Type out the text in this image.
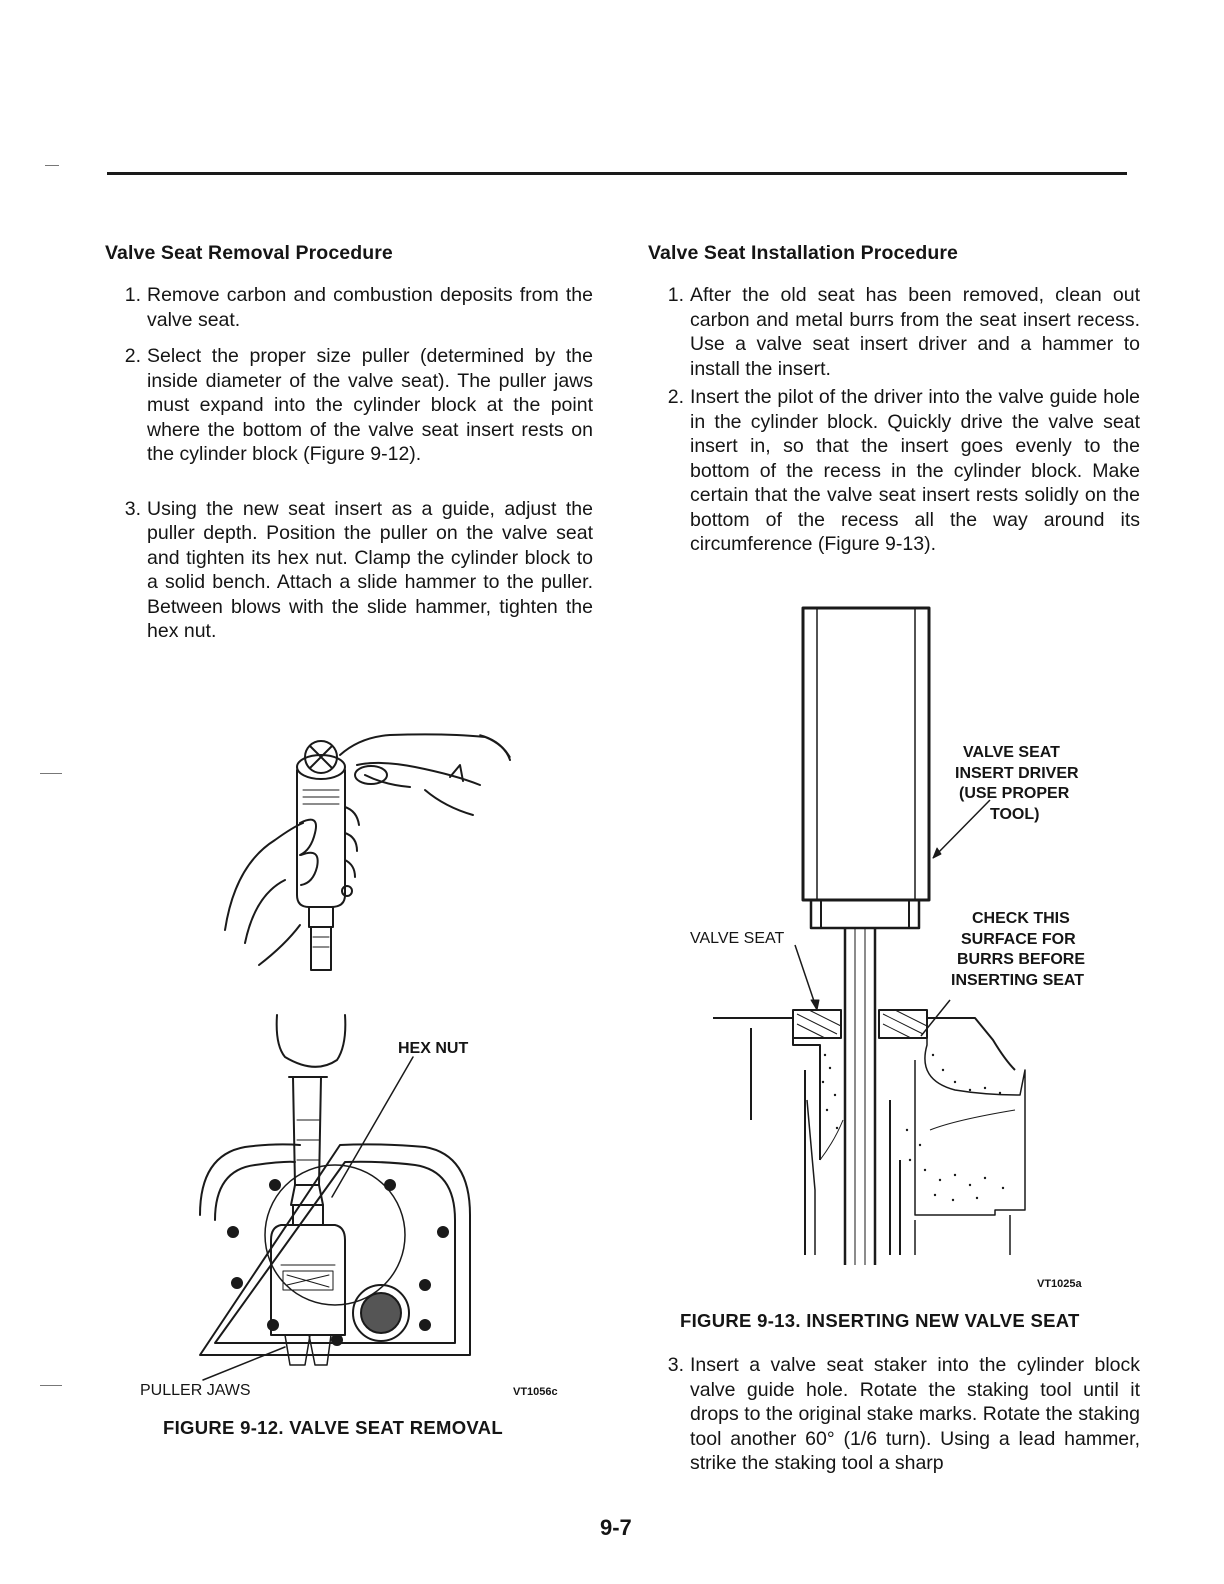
Valve Seat Removal Procedure
1. Remove carbon and combustion deposits from the valve seat.
2. Select the proper size puller (determined by the inside diameter of the valve seat). The puller jaws must expand into the cylinder block at the point where the bottom of the valve seat insert rests on the cylinder block (Figure 9-12).
3. Using the new seat insert as a guide, adjust the puller depth. Position the puller on the valve seat and tighten its hex nut. Clamp the cylinder block to a solid bench. Attach a slide hammer to the puller. Between blows with the slide hammer, tighten the hex nut.
HEX NUT
PULLER JAWS	VT1056c
FIGURE 9-12. VALVE SEAT REMOVAL
Valve Seat Installation Procedure
1. After the old seat has been removed, clean out carbon and metal burrs from the seat insert recess. Use a valve seat insert driver and a hammer to install the insert.
2. Insert the pilot of the driver into the valve guide hole in the cylinder block. Quickly drive the valve seat insert in, so that the insert goes evenly to the bottom of the recess in the cylinder block. Make certain that the valve seat insert rests solidly on the bottom of the recess all the way around its circumference (Figure 9-13).
VALVE SEAT INSERT DRIVER (USE PROPER TOOL)
VALVE SEAT
CHECK THIS SURFACE FOR BURRS BEFORE INSERTING SEAT
VT1025a
FIGURE 9-13. INSERTING NEW VALVE SEAT
3. Insert a valve seat staker into the cylinder block valve guide hole. Rotate the staking tool until it drops to the original stake marks. Rotate the staking tool another 60° (1/6 turn). Using a lead hammer, strike the staking tool a sharp
9-7
